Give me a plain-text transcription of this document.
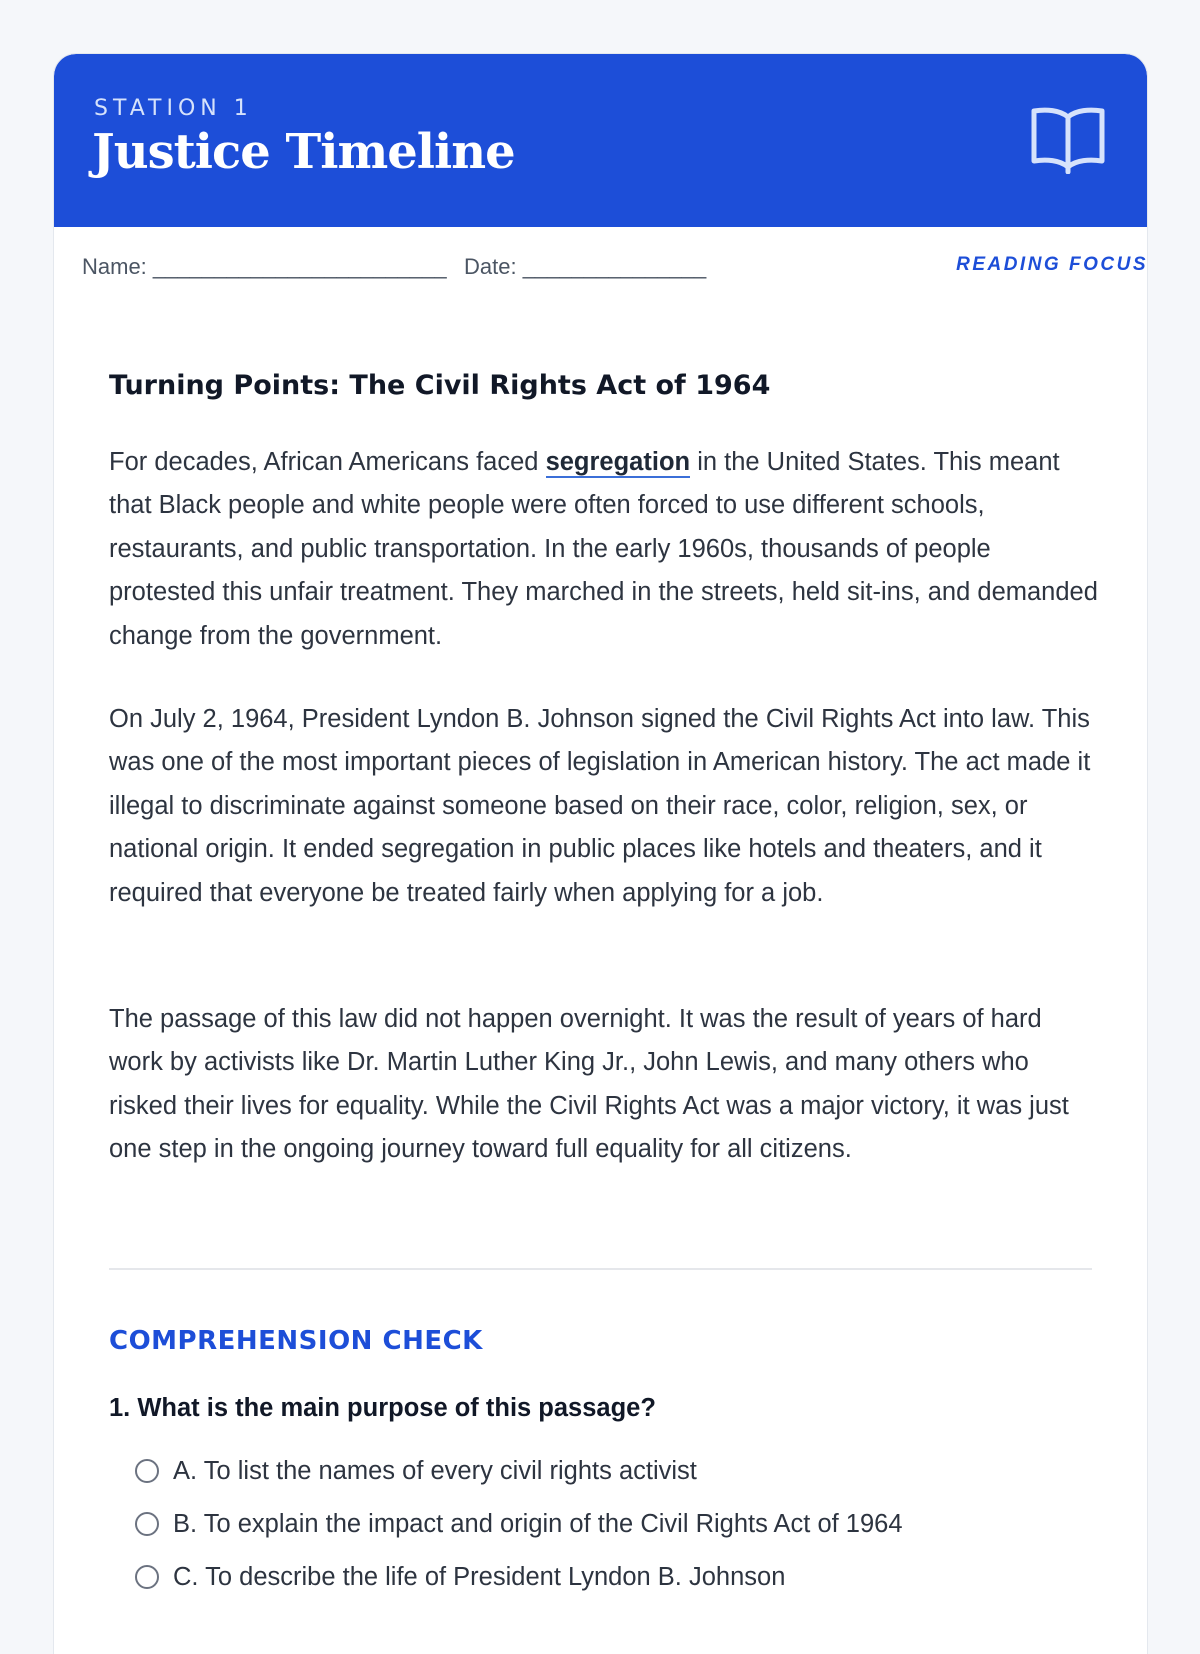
STATION 1
Justice Timeline
Name: ________________________ Date: _______________	READING FOCUS
Turning Points: The Civil Rights Act of 1964

For decades, African Americans faced segregation in the United States. This meant that Black people and white people were often forced to use different schools, restaurants, and public transportation. In the early 1960s, thousands of people protested this unfair treatment. They marched in the streets, held sit-ins, and demanded change from the government.

On July 2, 1964, President Lyndon B. Johnson signed the Civil Rights Act into law. This was one of the most important pieces of legislation in American history. The act made it illegal to discriminate against someone based on their race, color, religion, sex, or national origin. It ended segregation in public places like hotels and theaters, and it required that everyone be treated fairly when applying for a job.

The passage of this law did not happen overnight. It was the result of years of hard work by activists like Dr. Martin Luther King Jr., John Lewis, and many others who risked their lives for equality. While the Civil Rights Act was a major victory, it was just one step in the ongoing journey toward full equality for all citizens.

COMPREHENSION CHECK
1. What is the main purpose of this passage?
A. To list the names of every civil rights activist
B. To explain the impact and origin of the Civil Rights Act of 1964
C. To describe the life of President Lyndon B. Johnson
